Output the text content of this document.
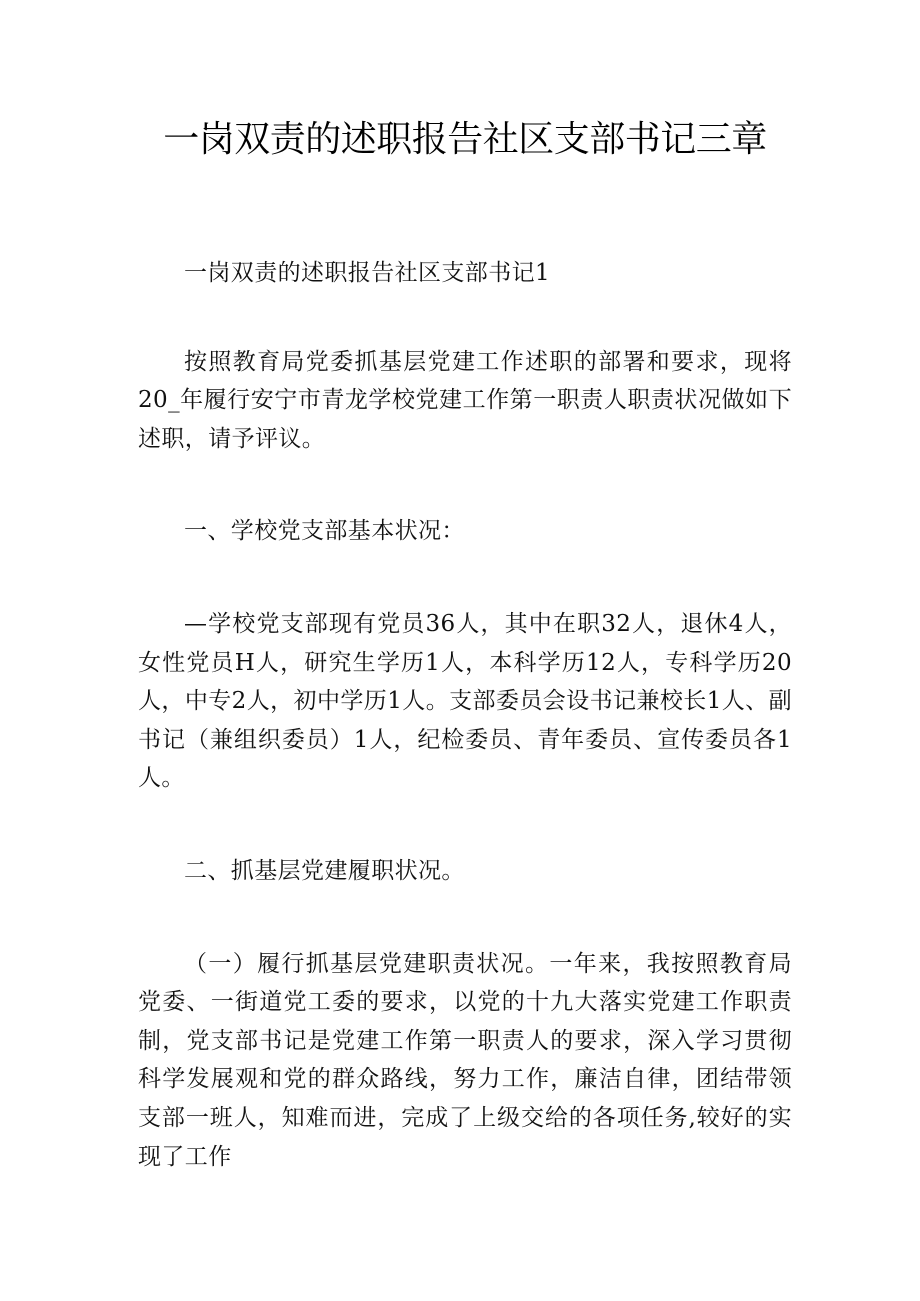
一岗双责的述职报告社区支部书记三章

一岗双责的述职报告社区支部书记1

按照教育局党委抓基层党建工作述职的部署和要求，现将20_年履行安宁市青龙学校党建工作第一职责人职责状况做如下述职，请予评议。

一、学校党支部基本状况：

—学校党支部现有党员36人，其中在职32人，退休4人，女性党员H人，研究生学历1人，本科学历12人，专科学历20人，中专2人，初中学历1人。支部委员会设书记兼校长1人、副书记（兼组织委员）1人，纪检委员、青年委员、宣传委员各1人。

二、抓基层党建履职状况。

（一）履行抓基层党建职责状况。一年来，我按照教育局党委、一街道党工委的要求，以党的十九大落实党建工作职责制，党支部书记是党建工作第一职责人的要求，深入学习贯彻科学发展观和党的群众路线，努力工作，廉洁自律，团结带领支部一班人，知难而进，完成了上级交给的各项任务,较好的实现了工作
